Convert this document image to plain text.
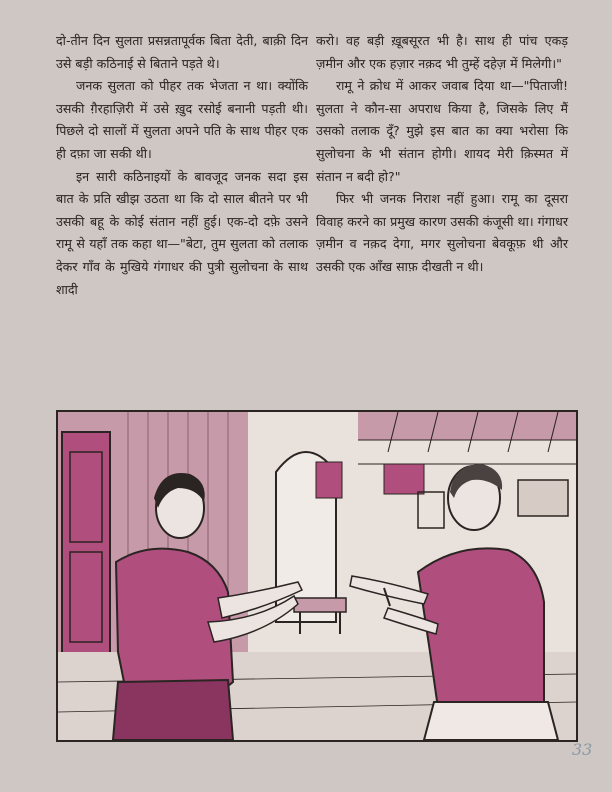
दो-तीन दिन सुलता प्रसन्नतापूर्वक बिता देती, बाक़ी दिन उसे बड़ी कठिनाई से बिताने पड़ते थे।

जनक सुलता को पीहर तक भेजता न था। क्योंकि उसकी ग़ैरहाज़िरी में उसे ख़ुद रसोई बनानी पड़ती थी। पिछले दो सालों में सुलता अपने पति के साथ पीहर एक ही दफ़ा जा सकी थी।

इन सारी कठिनाइयों के बावजूद जनक सदा इस बात के प्रति खीझ उठता था कि दो साल बीतने पर भी उसकी बहू के कोई संतान नहीं हुई। एक-दो दफ़े उसने रामू से यहाँ तक कहा था—"बेटा, तुम सुलता को तलाक देकर गाँव के मुखिये गंगाधर की पुत्री सुलोचना के साथ शादी

करो। वह बड़ी ख़ूबसूरत भी है। साथ ही पांच एकड़ ज़मीन और एक हज़ार नक़द भी तुम्हें दहेज़ में मिलेगी।"

रामू ने क्रोध में आकर जवाब दिया था—"पिताजी! सुलता ने कौन-सा अपराध किया है, जिसके लिए मैं उसको तलाक दूँ? मुझे इस बात का क्या भरोसा कि सुलोचना के भी संतान होगी। शायद मेरी क़िस्मत में संतान न बदी हो?"

फिर भी जनक निराश नहीं हुआ। रामू का दूसरा विवाह करने का प्रमुख कारण उसकी कंजूसी था। गंगाधर ज़मीन व नक़द देगा, मगर सुलोचना बेवकूफ़ थी और उसकी एक आँख साफ़ दीखती न थी।

33
